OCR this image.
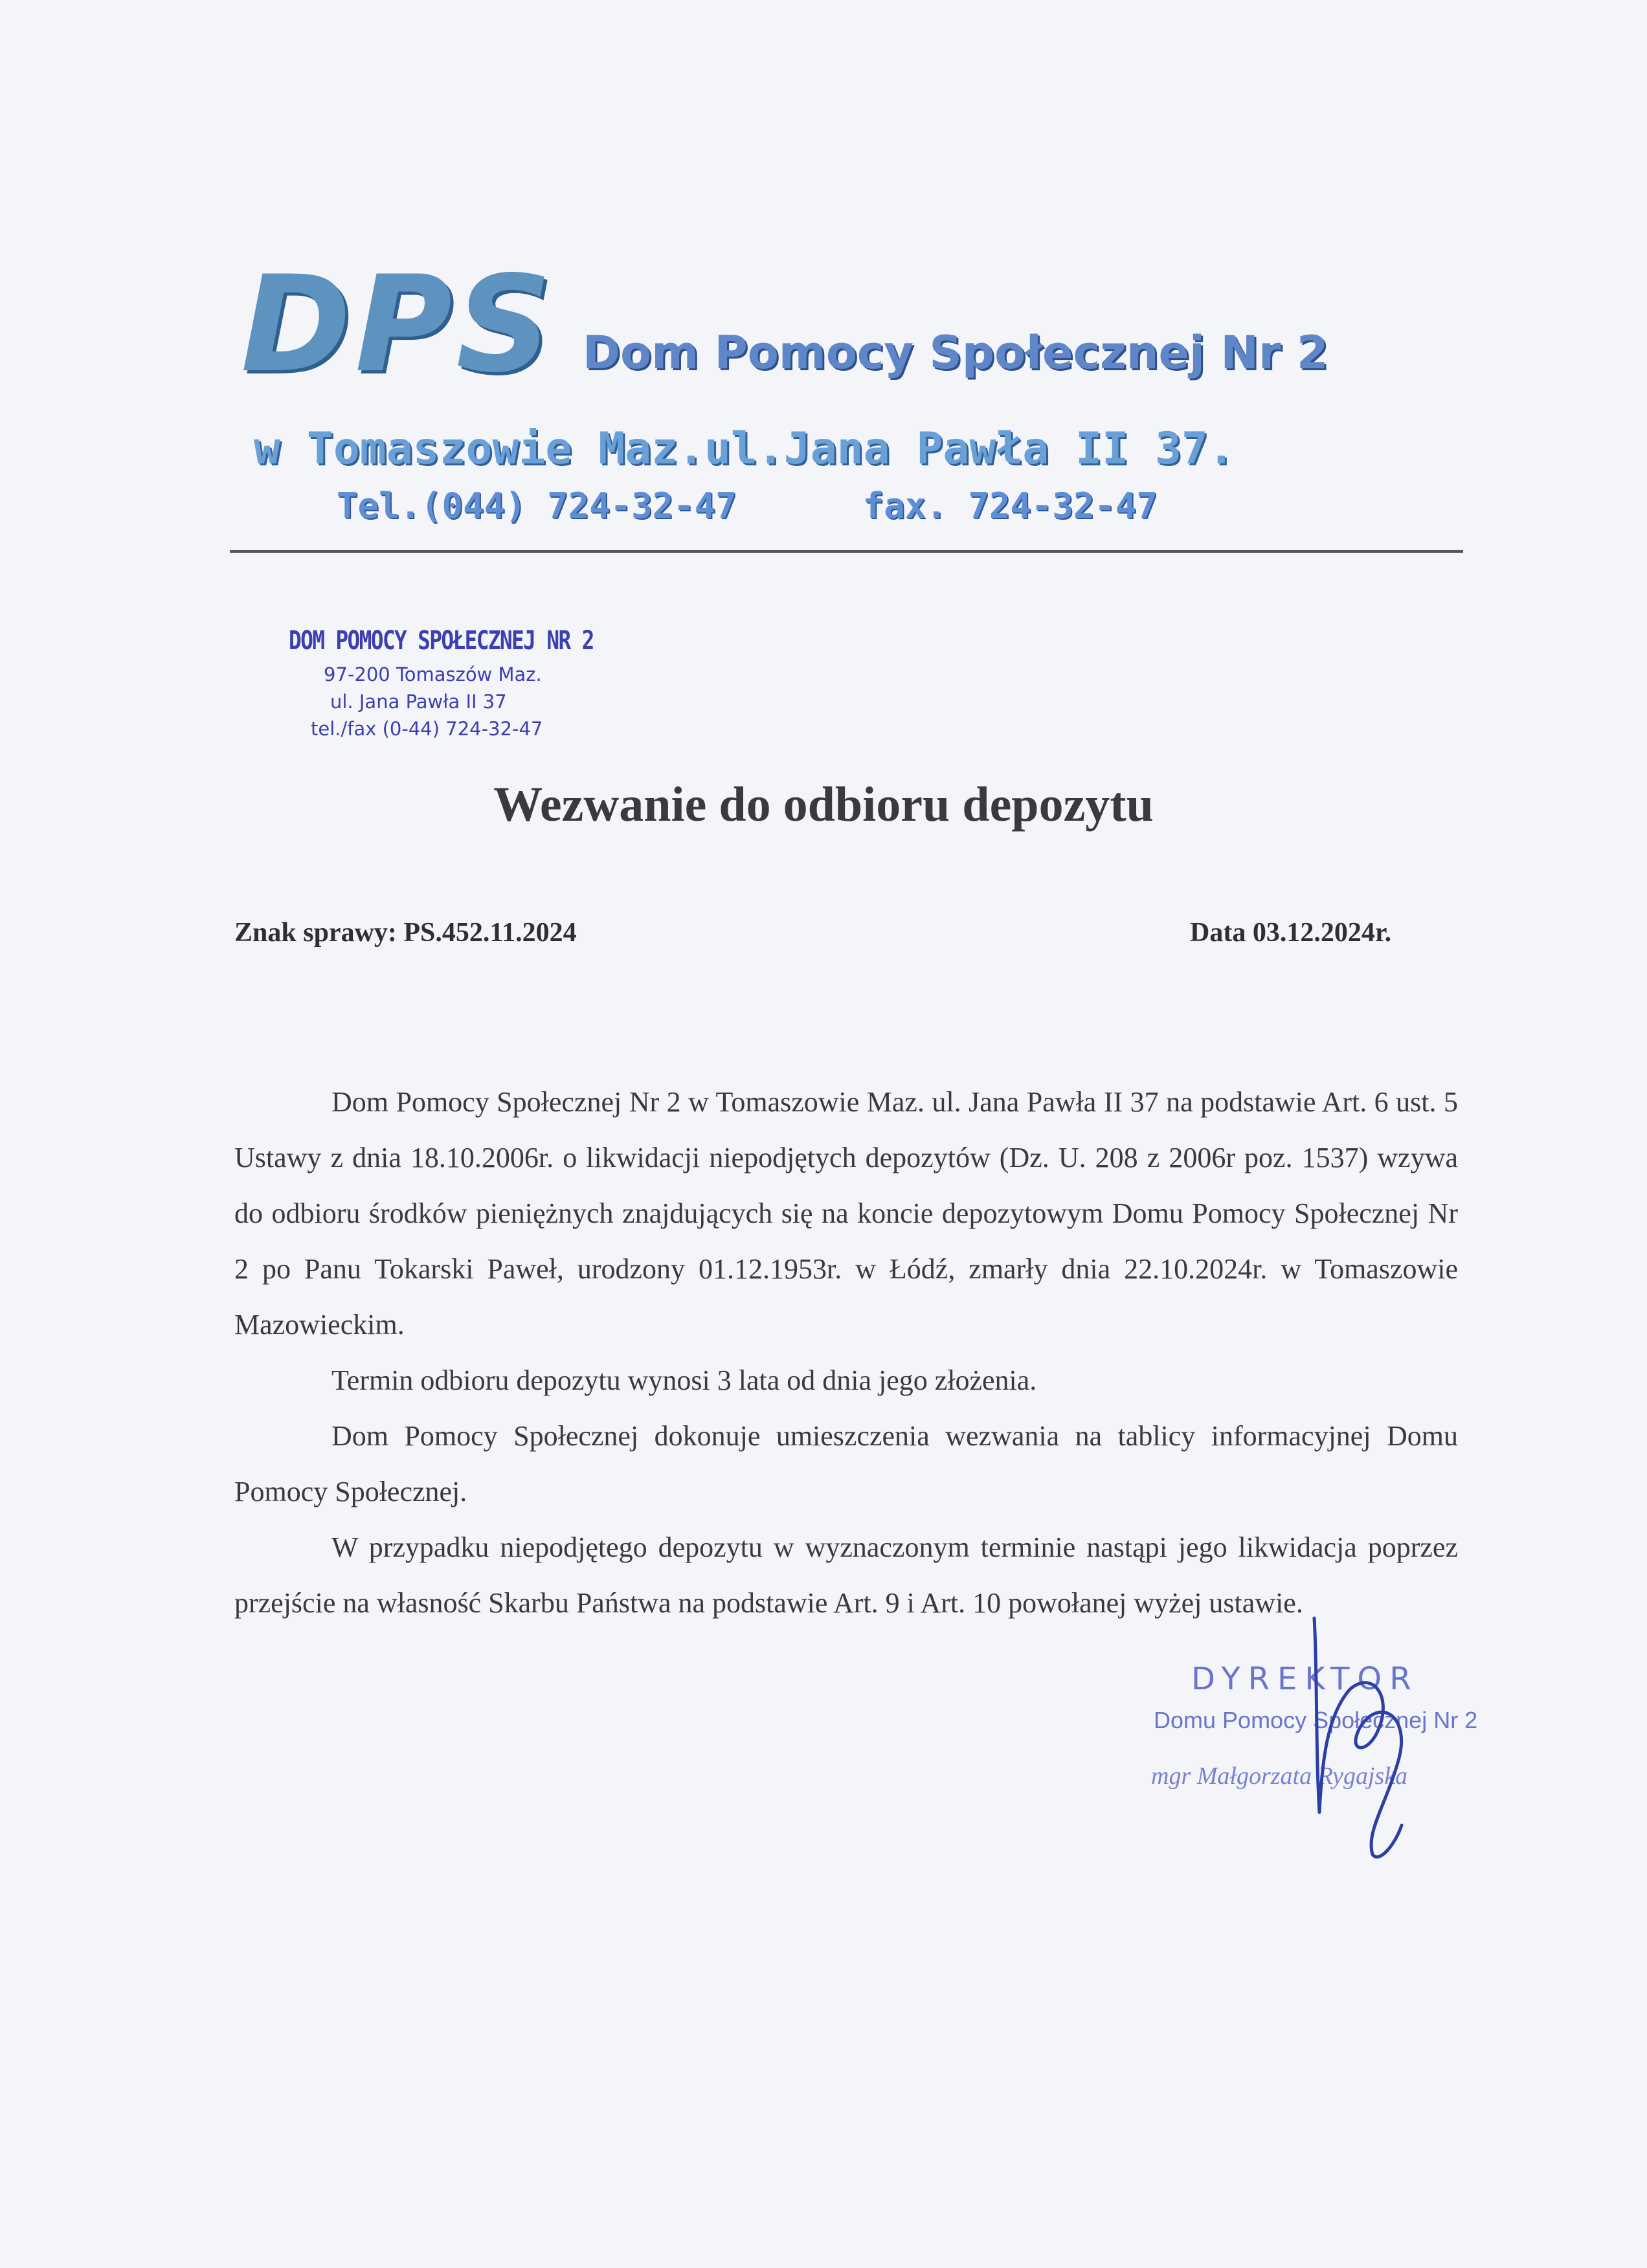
DPS Dom Pomocy Społecznej Nr 2
w Tomaszowie Maz.ul.Jana Pawła II 37.
Tel.(044) 724-32-47      fax. 724-32-47
DOM POMOCY SPOŁECZNEJ NR 2
97-200 Tomaszów Maz.
ul. Jana Pawła II 37
tel./fax (0-44) 724-32-47
Wezwanie do odbioru depozytu
Znak sprawy: PS.452.11.2024	Data 03.12.2024r.

Dom Pomocy Społecznej Nr 2 w Tomaszowie Maz. ul. Jana Pawła II 37 na podstawie Art. 6 ust. 5 Ustawy z dnia 18.10.2006r. o likwidacji niepodjętych depozytów (Dz. U. 208 z 2006r poz. 1537) wzywa do odbioru środków pieniężnych znajdujących się na koncie depozytowym Domu Pomocy Społecznej Nr 2 po Panu Tokarski Paweł, urodzony 01.12.1953r. w Łódź, zmarły dnia 22.10.2024r. w Tomaszowie Mazowieckim.

Termin odbioru depozytu wynosi 3 lata od dnia jego złożenia.

Dom Pomocy Społecznej dokonuje umieszczenia wezwania na tablicy informacyjnej Domu Pomocy Społecznej.

W przypadku niepodjętego depozytu w wyznaczonym terminie nastąpi jego likwidacja poprzez przejście na własność Skarbu Państwa na podstawie Art. 9 i Art. 10 powołanej wyżej ustawie.

DYREKTOR
Domu Pomocy Społecznej Nr 2
mgr Małgorzata Rygajska
